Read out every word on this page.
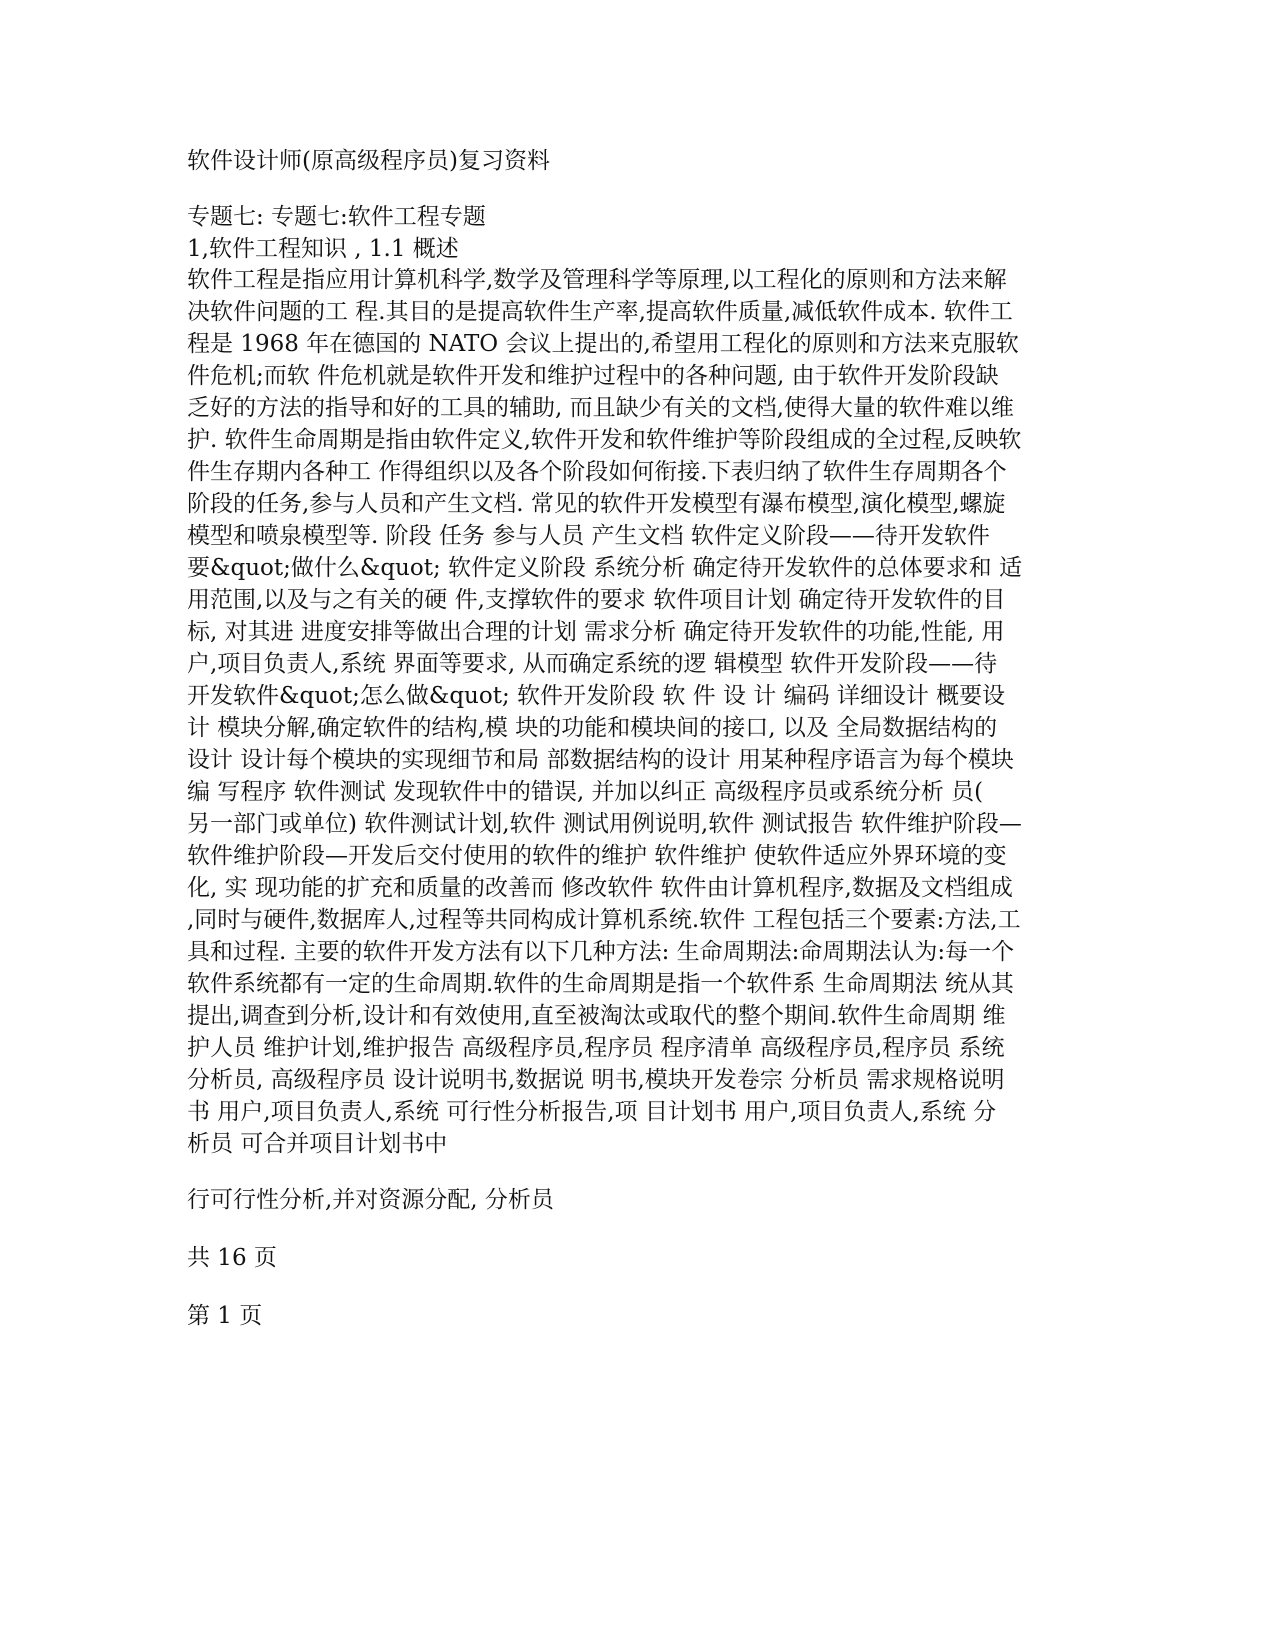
软件设计师(原高级程序员)复习资料
专题七: 专题七:软件工程专题
1,软件工程知识 , 1.1 概述
软件工程是指应用计算机科学,数学及管理科学等原理,以工程化的原则和方法来解
决软件问题的工 程.其目的是提高软件生产率,提高软件质量,减低软件成本. 软件工
程是 1968 年在德国的 NATO 会议上提出的,希望用工程化的原则和方法来克服软
件危机;而软 件危机就是软件开发和维护过程中的各种问题, 由于软件开发阶段缺
乏好的方法的指导和好的工具的辅助, 而且缺少有关的文档,使得大量的软件难以维
护. 软件生命周期是指由软件定义,软件开发和软件维护等阶段组成的全过程,反映软
件生存期内各种工 作得组织以及各个阶段如何衔接.下表归纳了软件生存周期各个
阶段的任务,参与人员和产生文档. 常见的软件开发模型有瀑布模型,演化模型,螺旋
模型和喷泉模型等. 阶段 任务 参与人员 产生文档 软件定义阶段——待开发软件
要&quot;做什么&quot; 软件定义阶段 系统分析 确定待开发软件的总体要求和 适
用范围,以及与之有关的硬 件,支撑软件的要求 软件项目计划 确定待开发软件的目
标, 对其进 进度安排等做出合理的计划 需求分析 确定待开发软件的功能,性能, 用
户,项目负责人,系统 界面等要求, 从而确定系统的逻 辑模型 软件开发阶段——待
开发软件&quot;怎么做&quot; 软件开发阶段 软 件 设 计 编码 详细设计 概要设
计 模块分解,确定软件的结构,模 块的功能和模块间的接口, 以及 全局数据结构的
设计 设计每个模块的实现细节和局 部数据结构的设计 用某种程序语言为每个模块
编 写程序 软件测试 发现软件中的错误, 并加以纠正 高级程序员或系统分析 员(
另一部门或单位) 软件测试计划,软件 测试用例说明,软件 测试报告 软件维护阶段—
软件维护阶段—开发后交付使用的软件的维护 软件维护 使软件适应外界环境的变
化, 实 现功能的扩充和质量的改善而 修改软件 软件由计算机程序,数据及文档组成
,同时与硬件,数据库人,过程等共同构成计算机系统.软件 工程包括三个要素:方法,工
具和过程. 主要的软件开发方法有以下几种方法: 生命周期法:命周期法认为:每一个
软件系统都有一定的生命周期.软件的生命周期是指一个软件系 生命周期法 统从其
提出,调查到分析,设计和有效使用,直至被淘汰或取代的整个期间.软件生命周期 维
护人员 维护计划,维护报告 高级程序员,程序员 程序清单 高级程序员,程序员 系统
分析员, 高级程序员 设计说明书,数据说 明书,模块开发卷宗 分析员 需求规格说明
书 用户,项目负责人,系统 可行性分析报告,项 目计划书 用户,项目负责人,系统 分
析员 可合并项目计划书中
行可行性分析,并对资源分配, 分析员
共 16 页
第 1 页
